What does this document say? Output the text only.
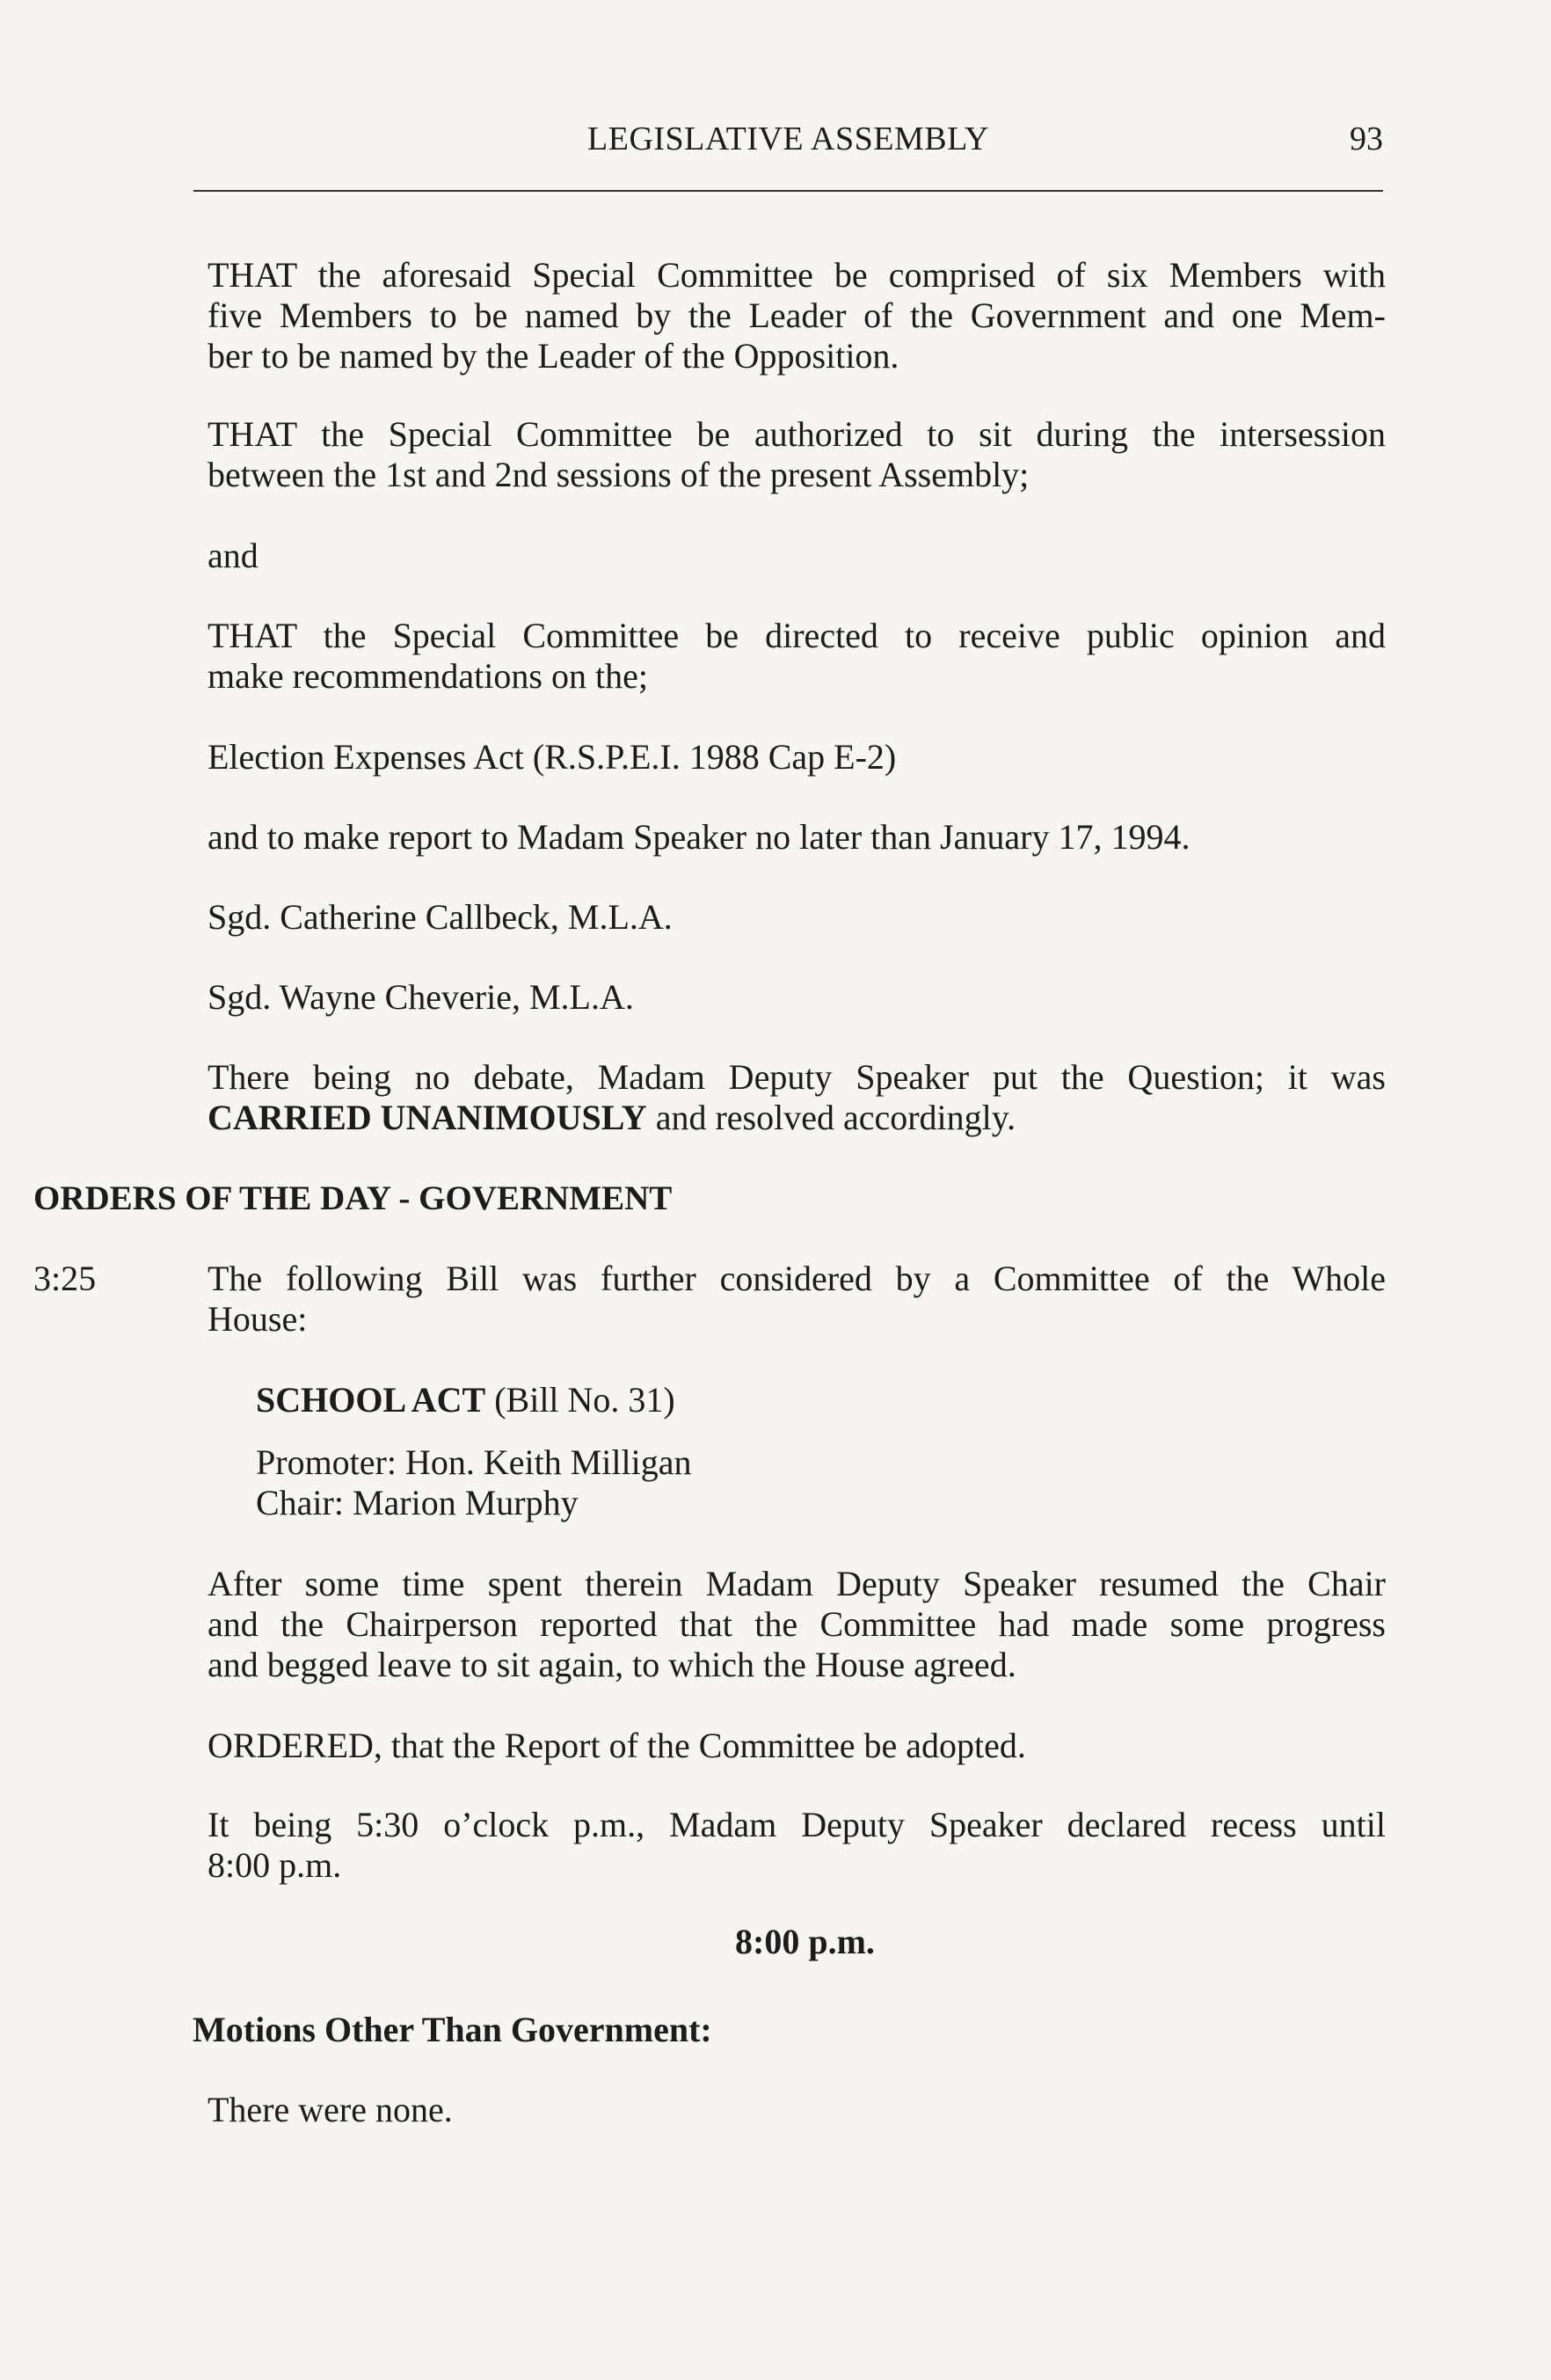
LEGISLATIVE ASSEMBLY	93

THAT the aforesaid Special Committee be comprised of six Members with
five Members to be named by the Leader of the Government and one Mem-
ber to be named by the Leader of the Opposition.

THAT the Special Committee be authorized to sit during the intersession
between the 1st and 2nd sessions of the present Assembly;

and

THAT the Special Committee be directed to receive public opinion and
make recommendations on the;

Election Expenses Act (R.S.P.E.I. 1988 Cap E-2)

and to make report to Madam Speaker no later than January 17, 1994.

Sgd. Catherine Callbeck, M.L.A.

Sgd. Wayne Cheverie, M.L.A.

There being no debate, Madam Deputy Speaker put the Question; it was
CARRIED UNANIMOUSLY and resolved accordingly.

ORDERS OF THE DAY - GOVERNMENT

3:25	The following Bill was further considered by a Committee of the Whole
House:

SCHOOL ACT (Bill No. 31)

Promoter: Hon. Keith Milligan
Chair: Marion Murphy

After some time spent therein Madam Deputy Speaker resumed the Chair
and the Chairperson reported that the Committee had made some progress
and begged leave to sit again, to which the House agreed.

ORDERED, that the Report of the Committee be adopted.

It being 5:30 o’clock p.m., Madam Deputy Speaker declared recess until
8:00 p.m.

8:00 p.m.

Motions Other Than Government:

There were none.
